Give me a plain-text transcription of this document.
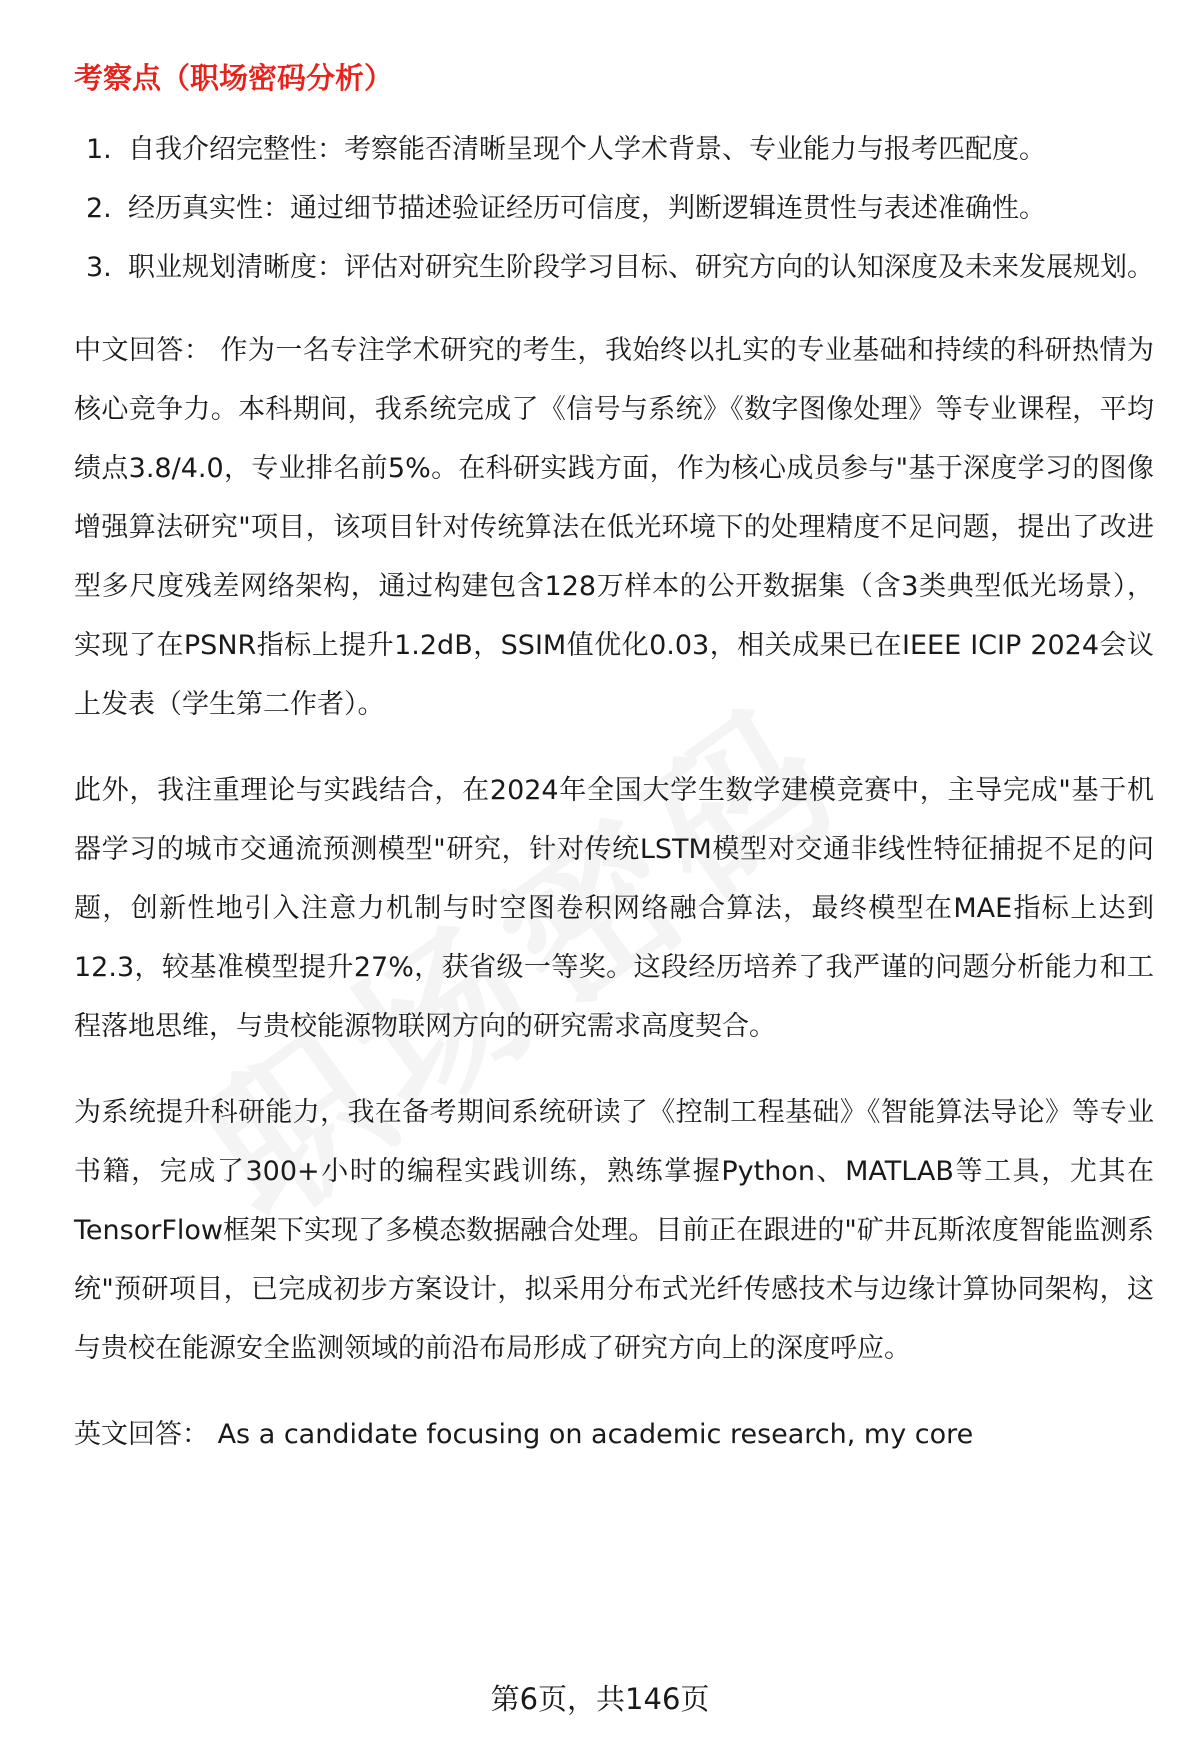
考察点（职场密码分析）
1. 自我介绍完整性：考察能否清晰呈现个人学术背景、专业能力与报考匹配度。
2. 经历真实性：通过细节描述验证经历可信度，判断逻辑连贯性与表述准确性。
3. 职业规划清晰度：评估对研究生阶段学习目标、研究方向的认知深度及未来发展规划。

中文回答： 作为一名专注学术研究的考生，我始终以扎实的专业基础和持续的科研热情为核心竞争力。本科期间，我系统完成了《信号与系统》《数字图像处理》等专业课程，平均绩点3.8/4.0，专业排名前5%。在科研实践方面，作为核心成员参与"基于深度学习的图像增强算法研究"项目，该项目针对传统算法在低光环境下的处理精度不足问题，提出了改进型多尺度残差网络架构，通过构建包含128万样本的公开数据集（含3类典型低光场景），实现了在PSNR指标上提升1.2dB，SSIM值优化0.03，相关成果已在IEEE ICIP 2024会议上发表（学生第二作者）。

此外，我注重理论与实践结合，在2024年全国大学生数学建模竞赛中，主导完成"基于机器学习的城市交通流预测模型"研究，针对传统LSTM模型对交通非线性特征捕捉不足的问题，创新性地引入注意力机制与时空图卷积网络融合算法，最终模型在MAE指标上达到12.3，较基准模型提升27%，获省级一等奖。这段经历培养了我严谨的问题分析能力和工程落地思维，与贵校能源物联网方向的研究需求高度契合。

为系统提升科研能力，我在备考期间系统研读了《控制工程基础》《智能算法导论》等专业书籍，完成了300+小时的编程实践训练，熟练掌握Python、MATLAB等工具，尤其在TensorFlow框架下实现了多模态数据融合处理。目前正在跟进的"矿井瓦斯浓度智能监测系统"预研项目，已完成初步方案设计，拟采用分布式光纤传感技术与边缘计算协同架构，这与贵校在能源安全监测领域的前沿布局形成了研究方向上的深度呼应。

英文回答： As a candidate focusing on academic research, my core

第6页，共146页
